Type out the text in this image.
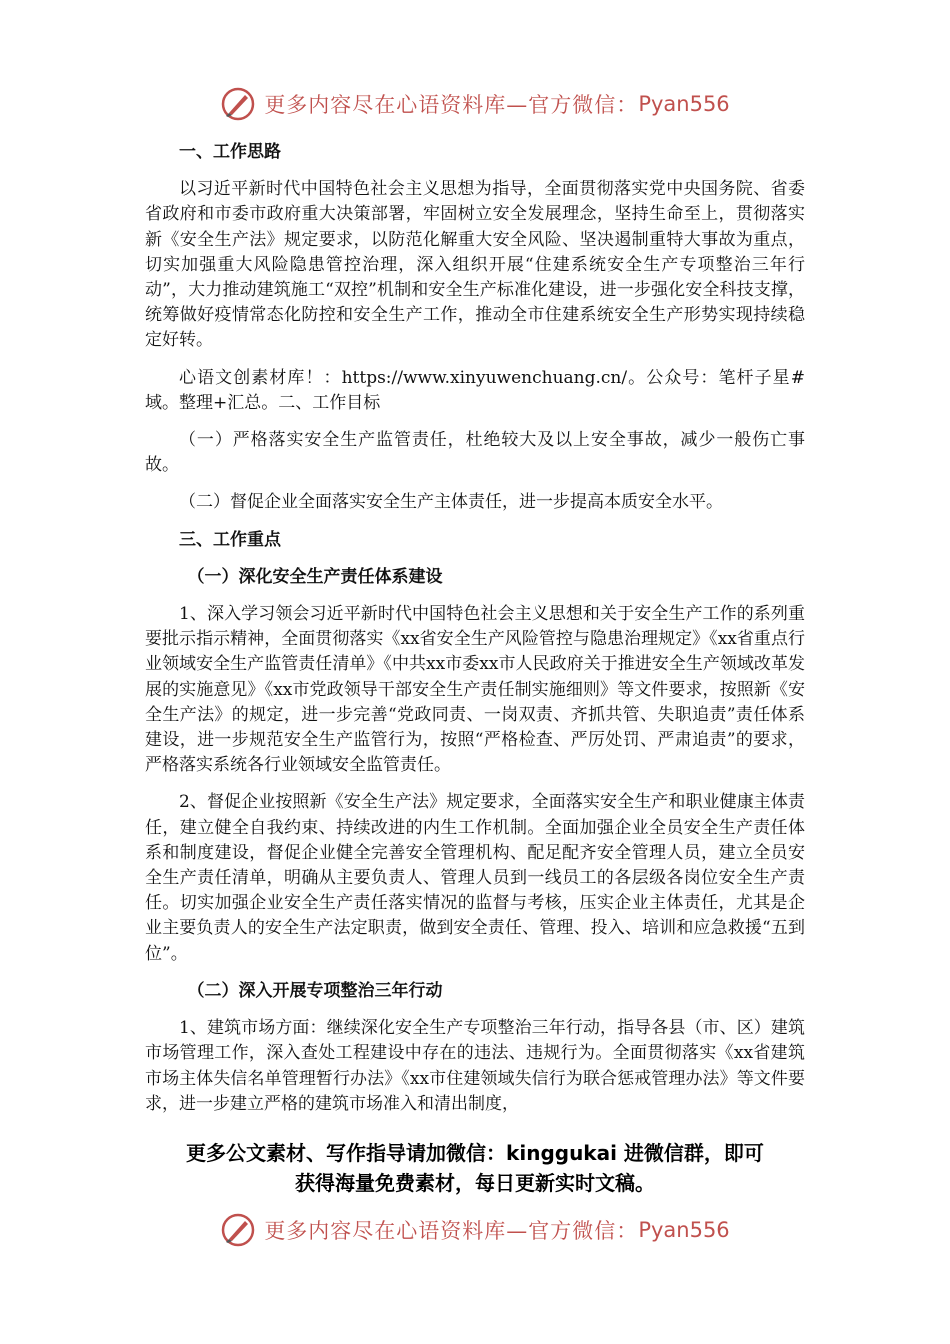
更多内容尽在心语资料库—官方微信： Pyan556
一、工作思路

以习近平新时代中国特色社会主义思想为指导，全面贯彻落实党中央国务院、省委省政府和市委市政府重大决策部署，牢固树立安全发展理念，坚持生命至上，贯彻落实新《安全生产法》规定要求，以防范化解重大安全风险、坚决遏制重特大事故为重点，切实加强重大风险隐患管控治理，深入组织开展“住建系统安全生产专项整治三年行动”，大力推动建筑施工“双控”机制和安全生产标准化建设，进一步强化安全科技支撑，统筹做好疫情常态化防控和安全生产工作，推动全市住建系统安全生产形势实现持续稳定好转。

心语文创素材库！：https://www.xinyuwenchuang.cn/。公众号：笔杆子星#域。整理+汇总。二、工作目标

（一）严格落实安全生产监管责任，杜绝较大及以上安全事故，减少一般伤亡事故。

（二）督促企业全面落实安全生产主体责任，进一步提高本质安全水平。

三、工作重点
（一）深化安全生产责任体系建设

1、深入学习领会习近平新时代中国特色社会主义思想和关于安全生产工作的系列重要批示指示精神，全面贯彻落实《xx省安全生产风险管控与隐患治理规定》《xx省重点行业领域安全生产监管责任清单》《中共xx市委xx市人民政府关于推进安全生产领域改革发展的实施意见》《xx市党政领导干部安全生产责任制实施细则》等文件要求，按照新《安全生产法》的规定，进一步完善“党政同责、一岗双责、齐抓共管、失职追责”责任体系建设，进一步规范安全生产监管行为，按照“严格检查、严厉处罚、严肃追责”的要求，严格落实系统各行业领域安全监管责任。

2、督促企业按照新《安全生产法》规定要求，全面落实安全生产和职业健康主体责任，建立健全自我约束、持续改进的内生工作机制。全面加强企业全员安全生产责任体系和制度建设，督促企业健全完善安全管理机构、配足配齐安全管理人员，建立全员安全生产责任清单，明确从主要负责人、管理人员到一线员工的各层级各岗位安全生产责任。切实加强企业安全生产责任落实情况的监督与考核，压实企业主体责任，尤其是企业主要负责人的安全生产法定职责，做到安全责任、管理、投入、培训和应急救援“五到位”。

（二）深入开展专项整治三年行动

1、建筑市场方面：继续深化安全生产专项整治三年行动，指导各县（市、区）建筑市场管理工作，深入查处工程建设中存在的违法、违规行为。全面贯彻落实《xx省建筑市场主体失信名单管理暂行办法》《xx市住建领域失信行为联合惩戒管理办法》等文件要求，进一步建立严格的建筑市场准入和清出制度，

更多公文素材、写作指导请加微信：kinggukai 进微信群，即可
获得海量免费素材，每日更新实时文稿。
更多内容尽在心语资料库—官方微信： Pyan556
